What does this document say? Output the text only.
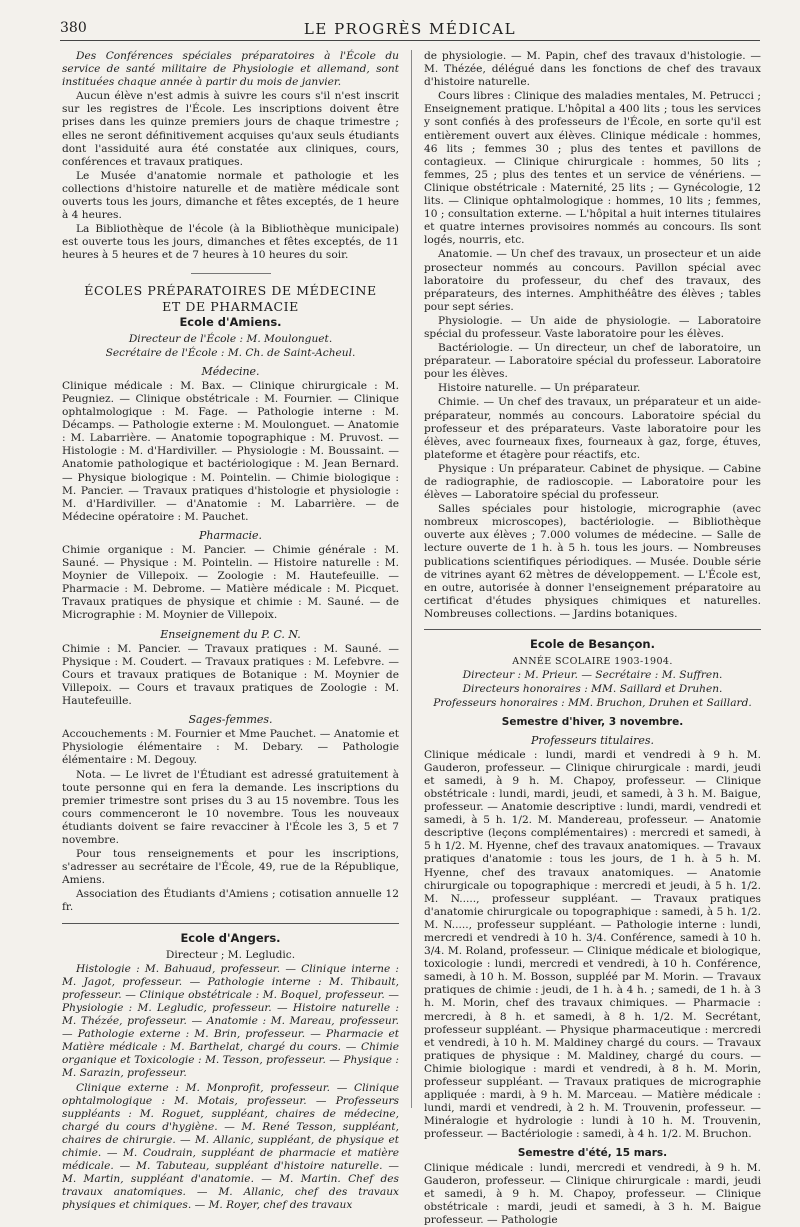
380	LE PROGRÈS MÉDICAL

Des Conférences spéciales préparatoires à l'École du service de santé militaire de Physiologie et allemand, sont instituées chaque année à partir du mois de janvier.

Aucun élève n'est admis à suivre les cours s'il n'est inscrit sur les registres de l'École. Les inscriptions doivent être prises dans les quinze premiers jours de chaque trimestre ; elles ne seront définitivement acquises qu'aux seuls étudiants dont l'assiduité aura été constatée aux cliniques, cours, conférences et travaux pratiques.

Le Musée d'anatomie normale et pathologie et les collections d'histoire naturelle et de matière médicale sont ouverts tous les jours, dimanche et fêtes exceptés, de 1 heure à 4 heures.

La Bibliothèque de l'école (à la Bibliothèque municipale) est ouverte tous les jours, dimanches et fêtes exceptés, de 11 heures à 5 heures et de 7 heures à 10 heures du soir.

ÉCOLES PRÉPARATOIRES DE MÉDECINE
ET DE PHARMACIE
Ecole d'Amiens.

Directeur de l'École : M. Moulonguet.

Secrétaire de l'École : M. Ch. de Saint-Acheul.

Médecine.

Clinique médicale : M. Bax. — Clinique chirurgicale : M. Peugniez. — Clinique obstétricale : M. Fournier. — Clinique ophtalmologique : M. Fage. — Pathologie interne : M. Décamps. — Pathologie externe : M. Moulonguet. — Anatomie : M. Labarrière. — Anatomie topographique : M. Pruvost. — Histologie : M. d'Hardiviller. — Physiologie : M. Boussaint. — Anatomie pathologique et bactériologique : M. Jean Bernard. — Physique biologique : M. Pointelin. — Chimie biologique : M. Pancier. — Travaux pratiques d'histologie et physiologie : M. d'Hardiviller. — d'Anatomie : M. Labarrière. — de Médecine opératoire : M. Pauchet.

Pharmacie.

Chimie organique : M. Pancier. — Chimie générale : M. Sauné. — Physique : M. Pointelin. — Histoire naturelle : M. Moynier de Villepoix. — Zoologie : M. Hautefeuille. — Pharmacie : M. Debrome. — Matière médicale : M. Picquet. Travaux pratiques de physique et chimie : M. Sauné. — de Micrographie : M. Moynier de Villepoix.

Enseignement du P. C. N.

Chimie : M. Pancier. — Travaux pratiques : M. Sauné. — Physique : M. Coudert. — Travaux pratiques : M. Lefebvre. — Cours et travaux pratiques de Botanique : M. Moynier de Villepoix. — Cours et travaux pratiques de Zoologie : M. Hautefeuille.

Sages-femmes.

Accouchements : M. Fournier et Mme Pauchet. — Anatomie et Physiologie élémentaire : M. Debary. — Pathologie élémentaire : M. Degouy.

Nota. — Le livret de l'Étudiant est adressé gratuitement à toute personne qui en fera la demande. Les inscriptions du premier trimestre sont prises du 3 au 15 novembre. Tous les cours commenceront le 10 novembre. Tous les nouveaux étudiants doivent se faire revacciner à l'École les 3, 5 et 7 novembre.

Pour tous renseignements et pour les inscriptions, s'adresser au secrétaire de l'École, 49, rue de la République, Amiens.

Association des Étudiants d'Amiens ; cotisation annuelle 12 fr.

Ecole d'Angers.

Directeur ; M. Legludic.

Histologie : M. Bahuaud, professeur. — Clinique interne : M. Jagot, professeur. — Pathologie interne : M. Thibault, professeur. — Clinique obstétricale : M. Boquel, professeur. — Physiologie : M. Legludic, professeur. — Histoire naturelle : M. Thézée, professeur. — Anatomie : M. Mareau, professeur. — Pathologie externe : M. Brin, professeur. — Pharmacie et Matière médicale : M. Barthelat, chargé du cours. — Chimie organique et Toxicologie : M. Tesson, professeur. — Physique : M. Sarazin, professeur.

Clinique externe : M. Monprofit, professeur. — Clinique ophtalmologique : M. Motais, professeur. — Professeurs suppléants : M. Roguet, suppléant, chaires de médecine, chargé du cours d'hygiène. — M. René Tesson, suppléant, chaires de chirurgie. — M. Allanic, suppléant, de physique et chimie. — M. Coudrain, suppléant de pharmacie et matière médicale. — M. Tabuteau, suppléant d'histoire naturelle. — M. Martin, suppléant d'anatomie. — M. Martin. Chef des travaux anatomiques. — M. Allanic, chef des travaux physiques et chimiques. — M. Royer, chef des travaux

de physiologie. — M. Papin, chef des travaux d'histologie. — M. Thézée, délégué dans les fonctions de chef des travaux d'histoire naturelle.

Cours libres : Clinique des maladies mentales, M. Petrucci ; Enseignement pratique. L'hôpital a 400 lits ; tous les services y sont confiés à des professeurs de l'École, en sorte qu'il est entièrement ouvert aux élèves. Clinique médicale : hommes, 46 lits ; femmes 30 ; plus des tentes et pavillons de contagieux. — Clinique chirurgicale : hommes, 50 lits ; femmes, 25 ; plus des tentes et un service de vénériens. — Clinique obstétricale : Maternité, 25 lits ; — Gynécologie, 12 lits. — Clinique ophtalmologique : hommes, 10 lits ; femmes, 10 ; consultation externe. — L'hôpital a huit internes titulaires et quatre internes provisoires nommés au concours. Ils sont logés, nourris, etc.

Anatomie. — Un chef des travaux, un prosecteur et un aide prosecteur nommés au concours. Pavillon spécial avec laboratoire du professeur, du chef des travaux, des préparateurs, des internes. Amphithéâtre des élèves ; tables pour sept séries.

Physiologie. — Un aide de physiologie. — Laboratoire spécial du professeur. Vaste laboratoire pour les élèves.

Bactériologie. — Un directeur, un chef de laboratoire, un préparateur. — Laboratoire spécial du professeur. Laboratoire pour les élèves.

Histoire naturelle. — Un préparateur.

Chimie. — Un chef des travaux, un préparateur et un aide-préparateur, nommés au concours. Laboratoire spécial du professeur et des préparateurs. Vaste laboratoire pour les élèves, avec fourneaux fixes, fourneaux à gaz, forge, étuves, plateforme et étagère pour réactifs, etc.

Physique : Un préparateur. Cabinet de physique. — Cabine de radiographie, de radioscopie. — Laboratoire pour les élèves — Laboratoire spécial du professeur.

Salles spéciales pour histologie, micrographie (avec nombreux microscopes), bactériologie. — Bibliothèque ouverte aux élèves ; 7.000 volumes de médecine. — Salle de lecture ouverte de 1 h. à 5 h. tous les jours. — Nombreuses publications scientifiques périodiques. — Musée. Double série de vitrines ayant 62 mètres de développement. — L'École est, en outre, autorisée à donner l'enseignement préparatoire au certificat d'études physiques chimiques et naturelles. Nombreuses collections. — Jardins botaniques.

Ecole de Besançon.

ANNÉE SCOLAIRE 1903-1904.

Directeur : M. Prieur. — Secrétaire : M. Suffren.

Directeurs honoraires : MM. Saillard et Druhen.

Professeurs honoraires : MM. Bruchon, Druhen et Saillard.

Semestre d'hiver, 3 novembre.
Professeurs titulaires.

Clinique médicale : lundi, mardi et vendredi à 9 h. M. Gauderon, professeur. — Clinique chirurgicale : mardi, jeudi et samedi, à 9 h. M. Chapoy, professeur. — Clinique obstétricale : lundi, mardi, jeudi, et samedi, à 3 h. M. Baigue, professeur. — Anatomie descriptive : lundi, mardi, vendredi et samedi, à 5 h. 1/2. M. Mandereau, professeur. — Anatomie descriptive (leçons complémentaires) : mercredi et samedi, à 5 h 1/2. M. Hyenne, chef des travaux anatomiques. — Travaux pratiques d'anatomie : tous les jours, de 1 h. à 5 h. M. Hyenne, chef des travaux anatomiques. — Anatomie chirurgicale ou topographique : mercredi et jeudi, à 5 h. 1/2. M. N....., professeur suppléant. — Travaux pratiques d'anatomie chirurgicale ou topographique : samedi, à 5 h. 1/2. M. N....., professeur suppléant. — Pathologie interne : lundi, mercredi et vendredi à 10 h. 3/4. Conférence, samedi à 10 h. 3/4. M. Roland, professeur. — Clinique médicale et biologique, toxicologie : lundi, mercredi et vendredi, à 10 h. Conférence, samedi, à 10 h. M. Bosson, suppléé par M. Morin. — Travaux pratiques de chimie : jeudi, de 1 h. à 4 h. ; samedi, de 1 h. à 3 h. M. Morin, chef des travaux chimiques. — Pharmacie : mercredi, à 8 h. et samedi, à 8 h. 1/2. M. Secrétant, professeur suppléant. — Physique pharmaceutique : mercredi et vendredi, à 10 h. M. Maldiney chargé du cours. — Travaux pratiques de physique : M. Maldiney, chargé du cours. — Chimie biologique : mardi et vendredi, à 8 h. M. Morin, professeur suppléant. — Travaux pratiques de micrographie appliquée : mardi, à 9 h. M. Marceau. — Matière médicale : lundi, mardi et vendredi, à 2 h. M. Trouvenin, professeur. — Minéralogie et hydrologie : lundi à 10 h. M. Trouvenin, professeur. — Bactériologie : samedi, à 4 h. 1/2. M. Bruchon.

Semestre d'été, 15 mars.

Clinique médicale : lundi, mercredi et vendredi, à 9 h. M. Gauderon, professeur. — Clinique chirurgicale : mardi, jeudi et samedi, à 9 h. M. Chapoy, professeur. — Clinique obstétricale : mardi, jeudi et samedi, à 3 h. M. Baigue professeur. — Pathologie
